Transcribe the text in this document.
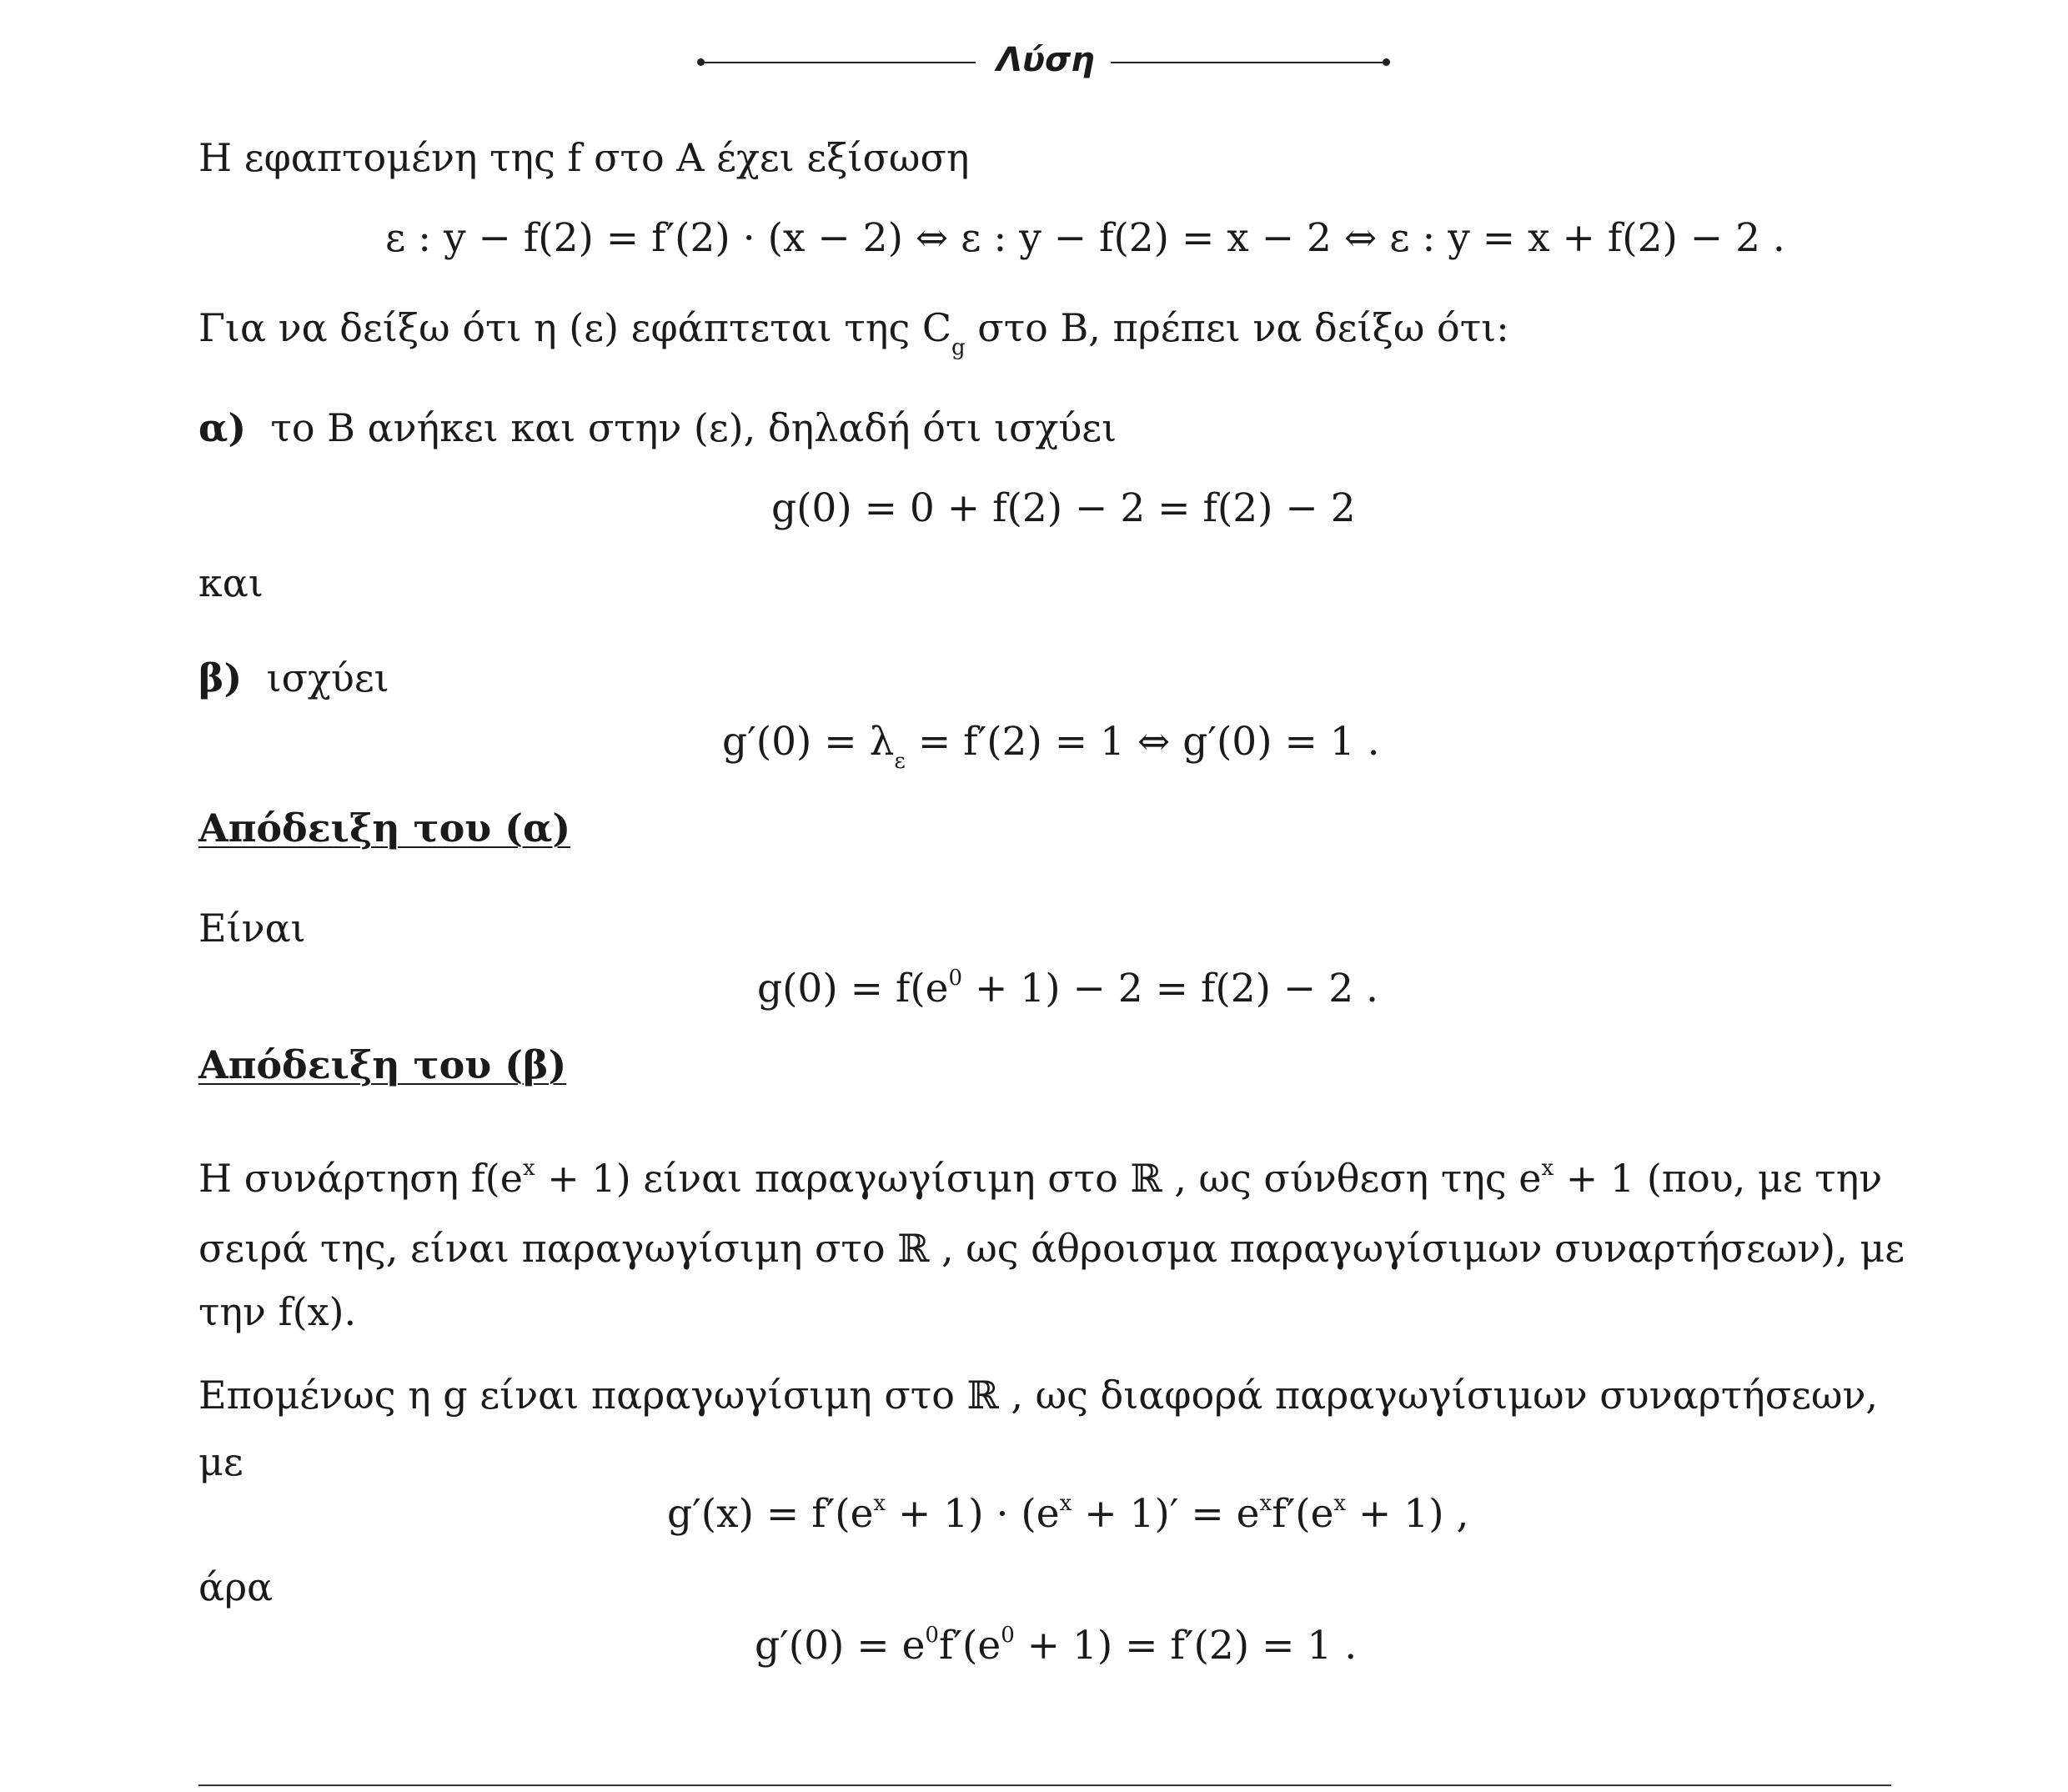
Λύση
Η εφαπτομένη της f στο A έχει εξίσωση
ε : y − f(2) = f′(2) · (x − 2) ⇔ ε : y − f(2) = x − 2 ⇔ ε : y = x + f(2) − 2 .
Για να δείξω ότι η (ε) εφάπτεται της $C_g$ στο B, πρέπει να δείξω ότι:
α) το B ανήκει και στην (ε), δηλαδή ότι ισχύει
g(0) = 0 + f(2) − 2 = f(2) − 2
και
β) ισχύει
$g'(0) = \lambda_\varepsilon = f'(2) = 1$ ⇔ g′(0) = 1 .
Απόδειξη του (α)
Είναι
$g(0) = f(e^0 + 1) - 2 = f(2) - 2$ .
Απόδειξη του (β)
Η συνάρτηση $f(e^x + 1)$ είναι παραγωγίσιμη στο ℝ , ως σύνθεση της $e^x + 1$ (που, με την
σειρά της, είναι παραγωγίσιμη στο ℝ , ως άθροισμα παραγωγίσιμων συναρτήσεων), με
την f(x).
Επομένως η g είναι παραγωγίσιμη στο ℝ , ως διαφορά παραγωγίσιμων συναρτήσεων,
με
$g'(x) = f'(e^x + 1) \cdot (e^x + 1)' = e^xf'(e^x + 1)$ ,
άρα
$g'(0) = e^0f'(e^0 + 1) = f'(2) = 1$ .
